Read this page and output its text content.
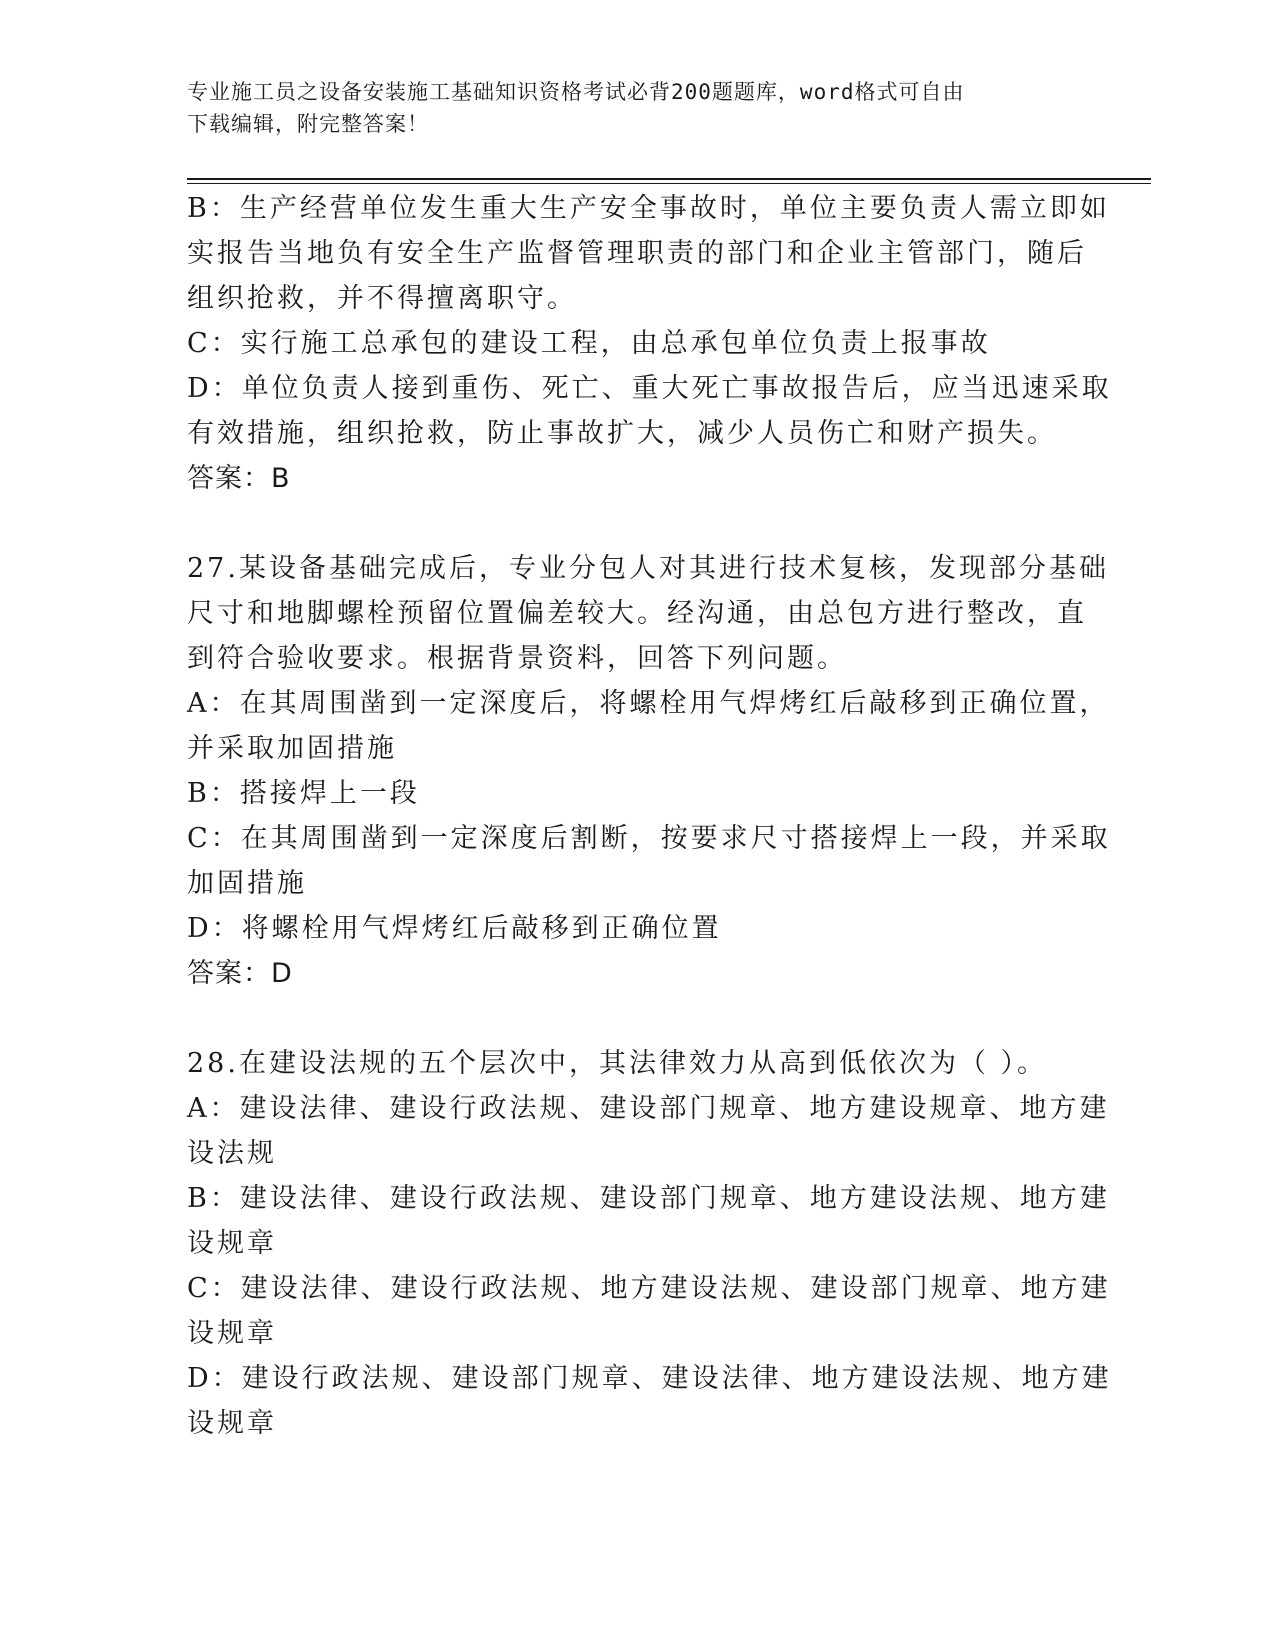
专业施工员之设备安装施工基础知识资格考试必背200题题库，word格式可自由
下载编辑，附完整答案！

B：生产经营单位发生重大生产安全事故时，单位主要负责人需立即如

实报告当地负有安全生产监督管理职责的部门和企业主管部门，随后

组织抢救，并不得擅离职守。

C：实行施工总承包的建设工程，由总承包单位负责上报事故

D：单位负责人接到重伤、死亡、重大死亡事故报告后，应当迅速采取

有效措施，组织抢救，防止事故扩大，减少人员伤亡和财产损失。

答案：B

27.某设备基础完成后，专业分包人对其进行技术复核，发现部分基础

尺寸和地脚螺栓预留位置偏差较大。经沟通，由总包方进行整改，直

到符合验收要求。根据背景资料，回答下列问题。

A：在其周围凿到一定深度后，将螺栓用气焊烤红后敲移到正确位置，

并采取加固措施

B：搭接焊上一段

C：在其周围凿到一定深度后割断，按要求尺寸搭接焊上一段，并采取

加固措施

D：将螺栓用气焊烤红后敲移到正确位置

答案：D

28.在建设法规的五个层次中，其法律效力从高到低依次为（ ）。

A：建设法律、建设行政法规、建设部门规章、地方建设规章、地方建

设法规

B：建设法律、建设行政法规、建设部门规章、地方建设法规、地方建

设规章

C：建设法律、建设行政法规、地方建设法规、建设部门规章、地方建

设规章

D：建设行政法规、建设部门规章、建设法律、地方建设法规、地方建

设规章
